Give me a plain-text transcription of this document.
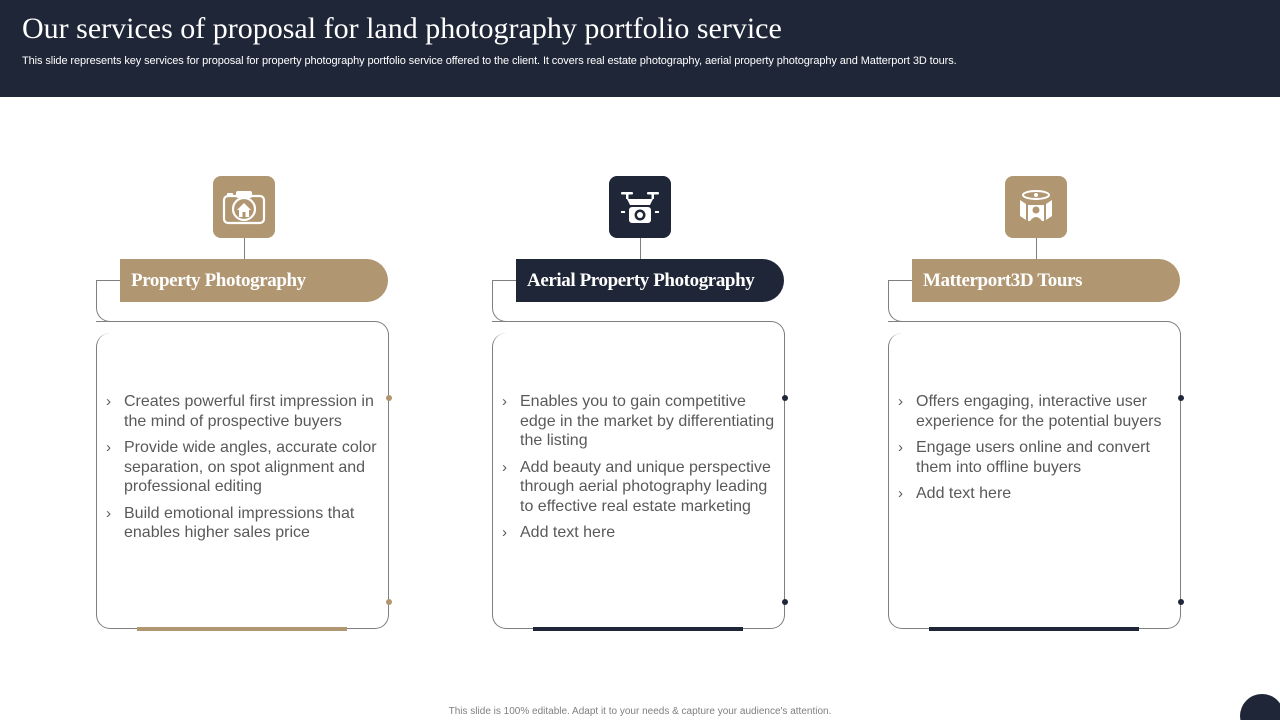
Our services of proposal for land photography portfolio service
This slide represents key services for proposal for property photography portfolio service offered to the client. It covers real estate photography, aerial property photography and Matterport 3D tours.
Property Photography
› Creates powerful first impression in the mind of prospective buyers
› Provide wide angles, accurate color separation, on spot alignment and professional editing
› Build emotional impressions that enables higher sales price
Aerial Property Photography
› Enables you to gain competitive edge in the market by differentiating the listing
› Add beauty and unique perspective through aerial photography leading to effective real estate marketing
› Add text here
Matterport3D Tours
› Offers engaging, interactive user experience for the potential buyers
› Engage users online and convert them into offline buyers
› Add text here
This slide is 100% editable. Adapt it to your needs & capture your audience's attention.
